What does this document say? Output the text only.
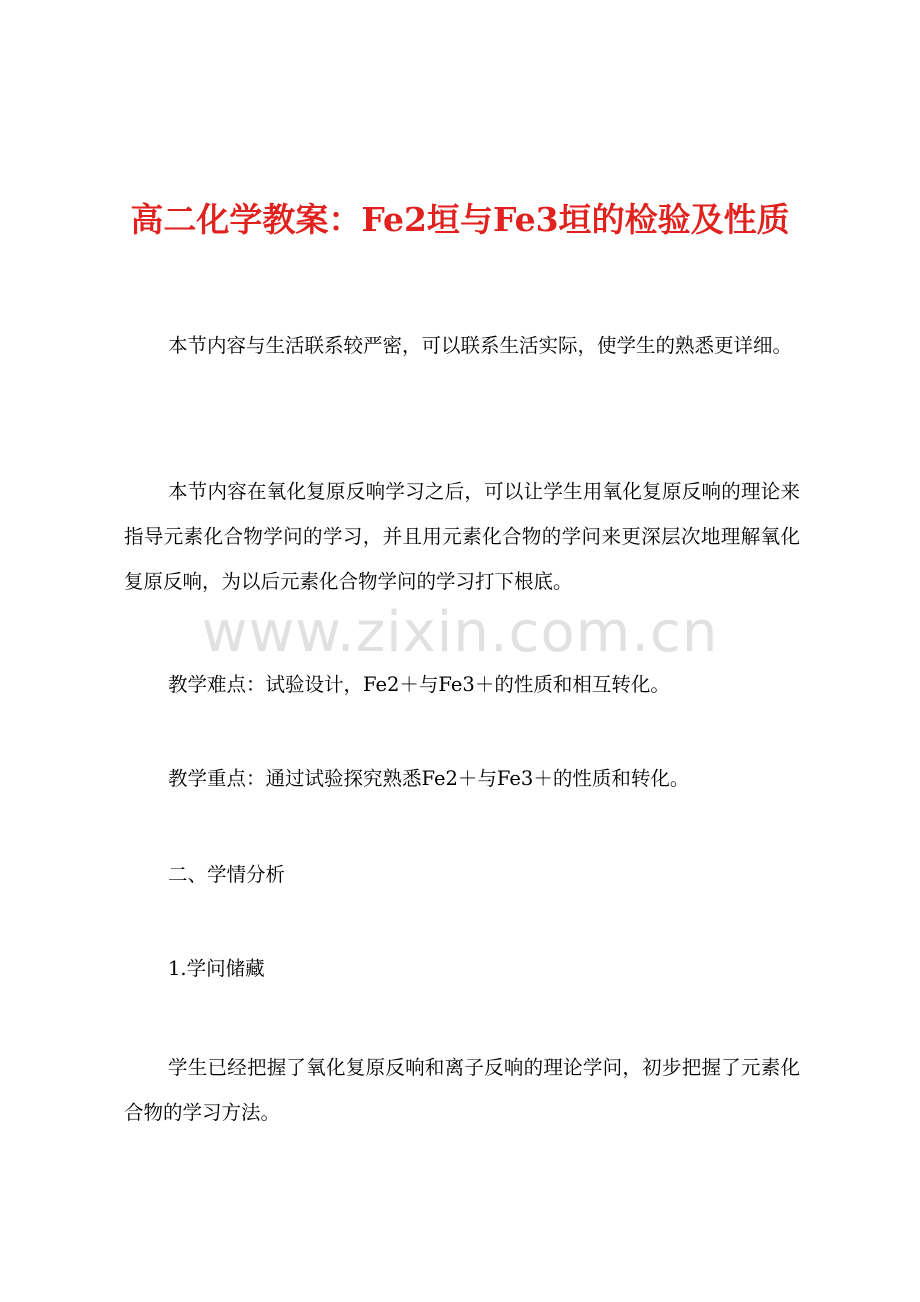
高二化学教案：Fe2垣与Fe3垣的检验及性质

本节内容与生活联系较严密，可以联系生活实际，使学生的熟悉更详细。

本节内容在氧化复原反响学习之后，可以让学生用氧化复原反响的理论来指导元素化合物学问的学习，并且用元素化合物的学问来更深层次地理解氧化复原反响，为以后元素化合物学问的学习打下根底。

www.zixin.com.cn

教学难点：试验设计，Fe2＋与Fe3＋的性质和相互转化。

教学重点：通过试验探究熟悉Fe2＋与Fe3＋的性质和转化。

二、学情分析

1.学问储藏

学生已经把握了氧化复原反响和离子反响的理论学问，初步把握了元素化合物的学习方法。
